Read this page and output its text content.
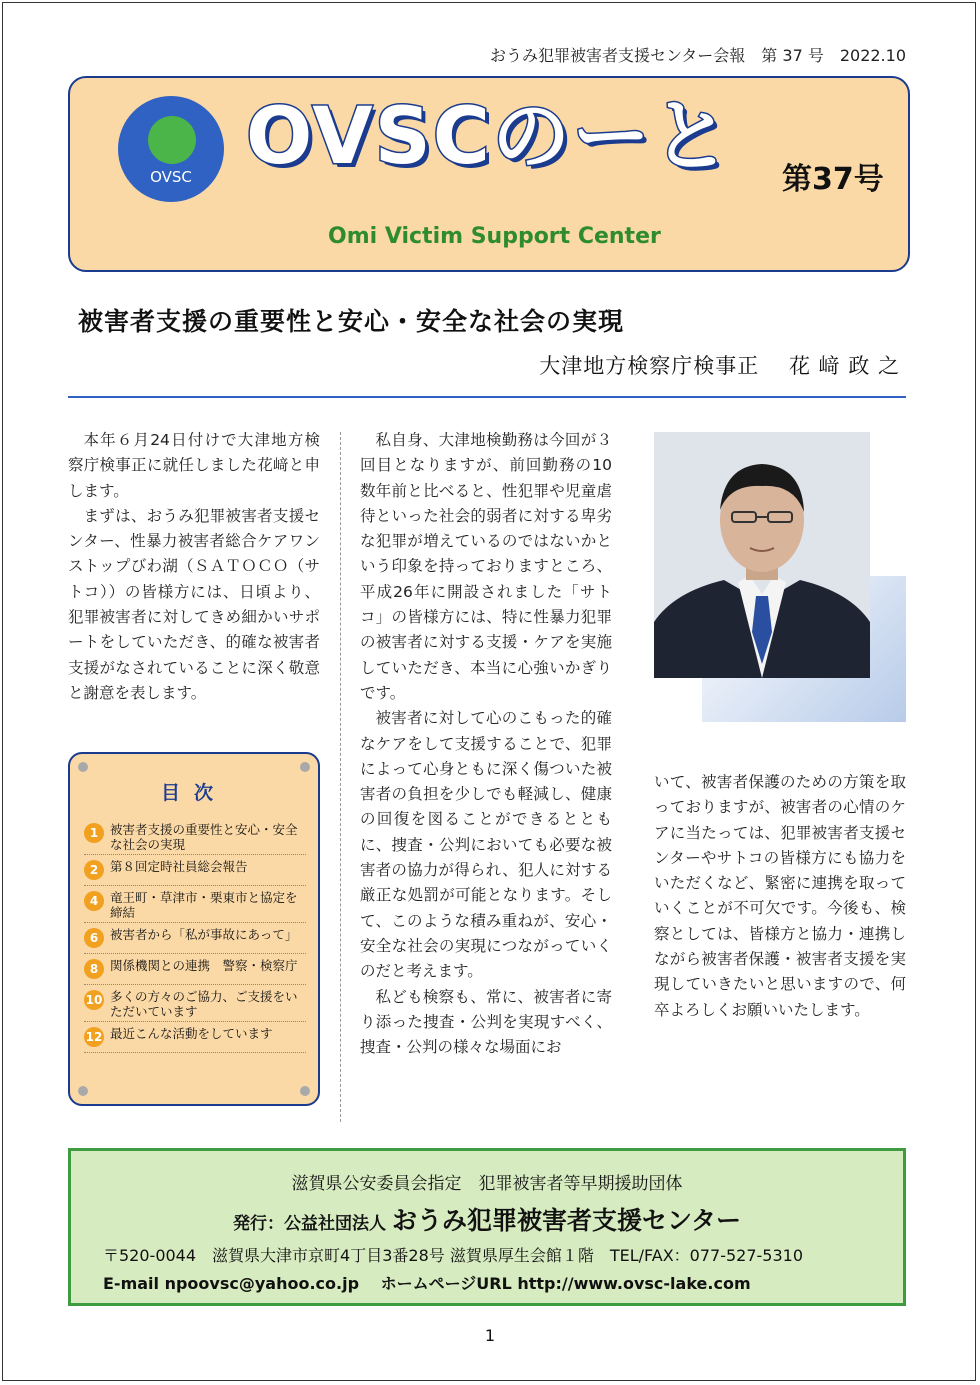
おうみ犯罪被害者支援センター会報　第 37 号　2022.10
OVSC OVSCのーと 第37号
Omi Victim Support Center
被害者支援の重要性と安心・安全な社会の実現
大津地方検察庁検事正　 花 﨑 政 之

本年６月24日付けで大津地方検察庁検事正に就任しました花﨑と申します。

まずは、おうみ犯罪被害者支援センター、性暴力被害者総合ケアワンストップびわ湖（ＳＡＴＯＣＯ（サトコ））の皆様方には、日頃より、犯罪被害者に対してきめ細かいサポートをしていただき、的確な被害者支援がなされていることに深く敬意と謝意を表します。

私自身、大津地検勤務は今回が３回目となりますが、前回勤務の10数年前と比べると、性犯罪や児童虐待といった社会的弱者に対する卑劣な犯罪が増えているのではないかという印象を持っておりますところ、平成26年に開設されました「サトコ」の皆様方には、特に性暴力犯罪の被害者に対する支援・ケアを実施していただき、本当に心強いかぎりです。

被害者に対して心のこもった的確なケアをして支援することで、犯罪によって心身ともに深く傷ついた被害者の負担を少しでも軽減し、健康の回復を図ることができるとともに、捜査・公判においても必要な被害者の協力が得られ、犯人に対する厳正な処罰が可能となります。そして、このような積み重ねが、安心・安全な社会の実現につながっていくのだと考えます。

私ども検察も、常に、被害者に寄り添った捜査・公判を実現すべく、捜査・公判の様々な場面にお

いて、被害者保護のための方策を取っておりますが、被害者の心情のケアに当たっては、犯罪被害者支援センターやサトコの皆様方にも協力をいただくなど、緊密に連携を取っていくことが不可欠です。今後も、検察としては、皆様方と協力・連携しながら被害者保護・被害者支援を実現していきたいと思いますので、何卒よろしくお願いいたします。

目次
1 被害者支援の重要性と安心・安全な社会の実現
2 第８回定時社員総会報告
4 竜王町・草津市・栗東市と協定を締結
6 被害者から「私が事故にあって」
8 関係機関との連携　警察・検察庁
10 多くの方々のご協力、ご支援をいただいています
12 最近こんな活動をしています
滋賀県公安委員会指定　犯罪被害者等早期援助団体
発行：公益社団法人 おうみ犯罪被害者支援センター
〒520-0044　滋賀県大津市京町4丁目3番28号 滋賀県厚生会館１階　TEL/FAX：077-527-5310
E-mail npoovsc@yahoo.co.jp　 ホームページURL http://www.ovsc-lake.com
1
